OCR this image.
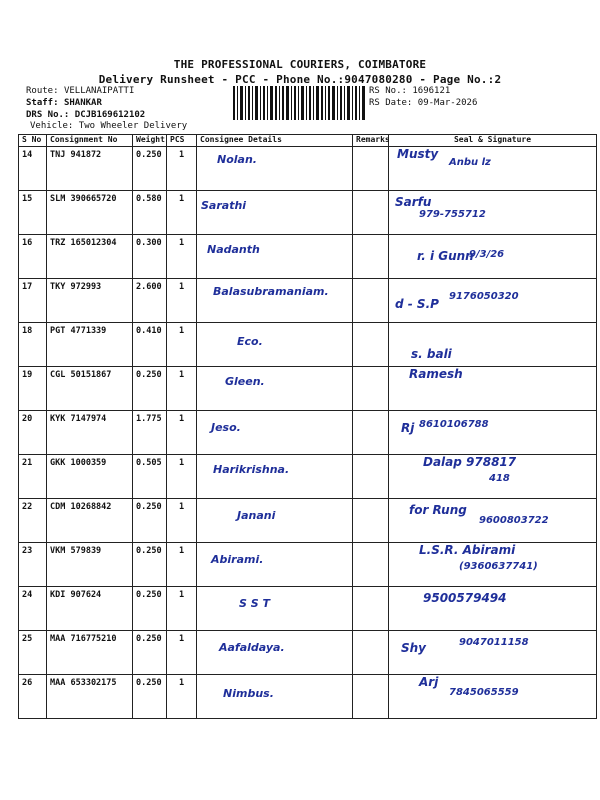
THE PROFESSIONAL COURIERS, COIMBATORE
Delivery Runsheet - PCC - Phone No.:9047080280 - Page No.:2
Route: VELLANAIPATTI
Staff: SHANKAR
DRS No.: DCJB169612102
Vehicle: Two Wheeler Delivery
RS No.: 1696121
RS Date: 09-Mar-2026
S No	Consignment No	Weight	PCS	Consignee Details	Remarks	Seal & Signature
14	TNJ 941872	0.250	1	Nolan.		Musty
Anbu lz

15	SLM 390665720	0.580	1	Sarathi		Sarfu
979-755712

16	TRZ 165012304	0.300	1	Nadanth		r. i Gunn
9/3/26

17	TKY 972993	2.600	1	Balasubramaniam.		d - S.P
9176050320

18	PGT 4771339	0.410	1	Eco.		s. bali

19	CGL 50151867	0.250	1	Gleen.		Ramesh

20	KYK 7147974	1.775	1	Jeso.		Rj 8610106788

21	GKK 1000359	0.505	1	Harikrishna.		Dalap 978817
418

22	CDM 10268842	0.250	1	Janani		for Rung
9600803722

23	VKM 579839	0.250	1	Abirami.		L.S.R. Abirami
(9360637741)

24	KDI 907624	0.250	1	S S T		9500579494

25	MAA 716775210	0.250	1	Aafaldaya.		Shy 9047011158

26	MAA 653302175	0.250	1	Nimbus.		Arj
7845065559
